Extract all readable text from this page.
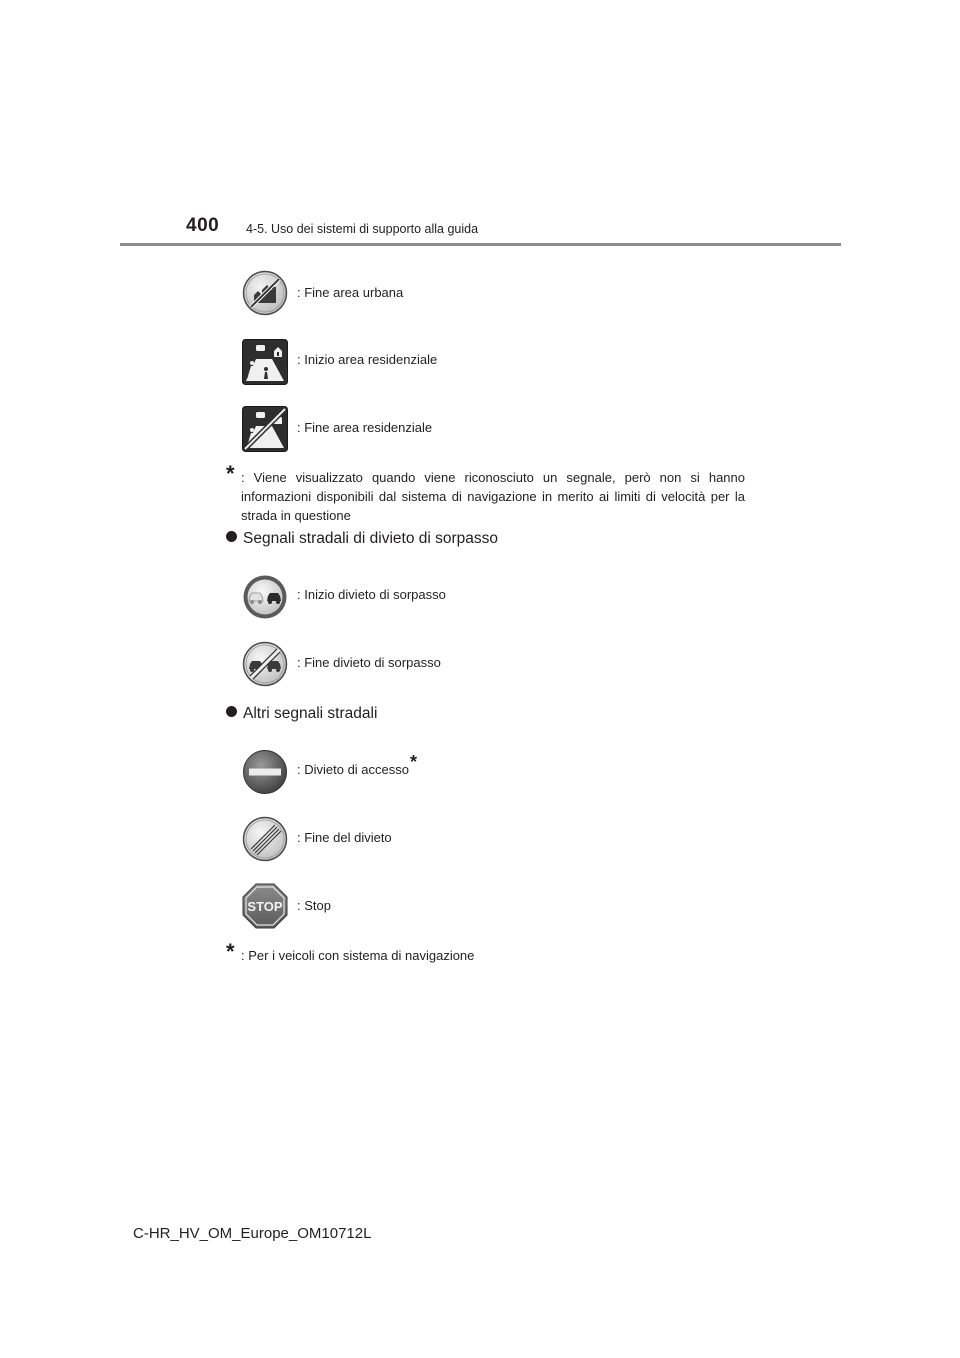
400 4-5. Uso dei sistemi di supporto alla guida
: Fine area urbana
: Inizio area residenziale
: Fine area residenziale
* : Viene visualizzato quando viene riconosciuto un segnale, però non si hanno informazioni disponibili dal sistema di navigazione in merito ai limiti di velocità per la strada in questione
Segnali stradali di divieto di sorpasso
: Inizio divieto di sorpasso
: Fine divieto di sorpasso
Altri segnali stradali
: Divieto di accesso*
: Fine del divieto
STOP : Stop
* : Per i veicoli con sistema di navigazione
C-HR_HV_OM_Europe_OM10712L
